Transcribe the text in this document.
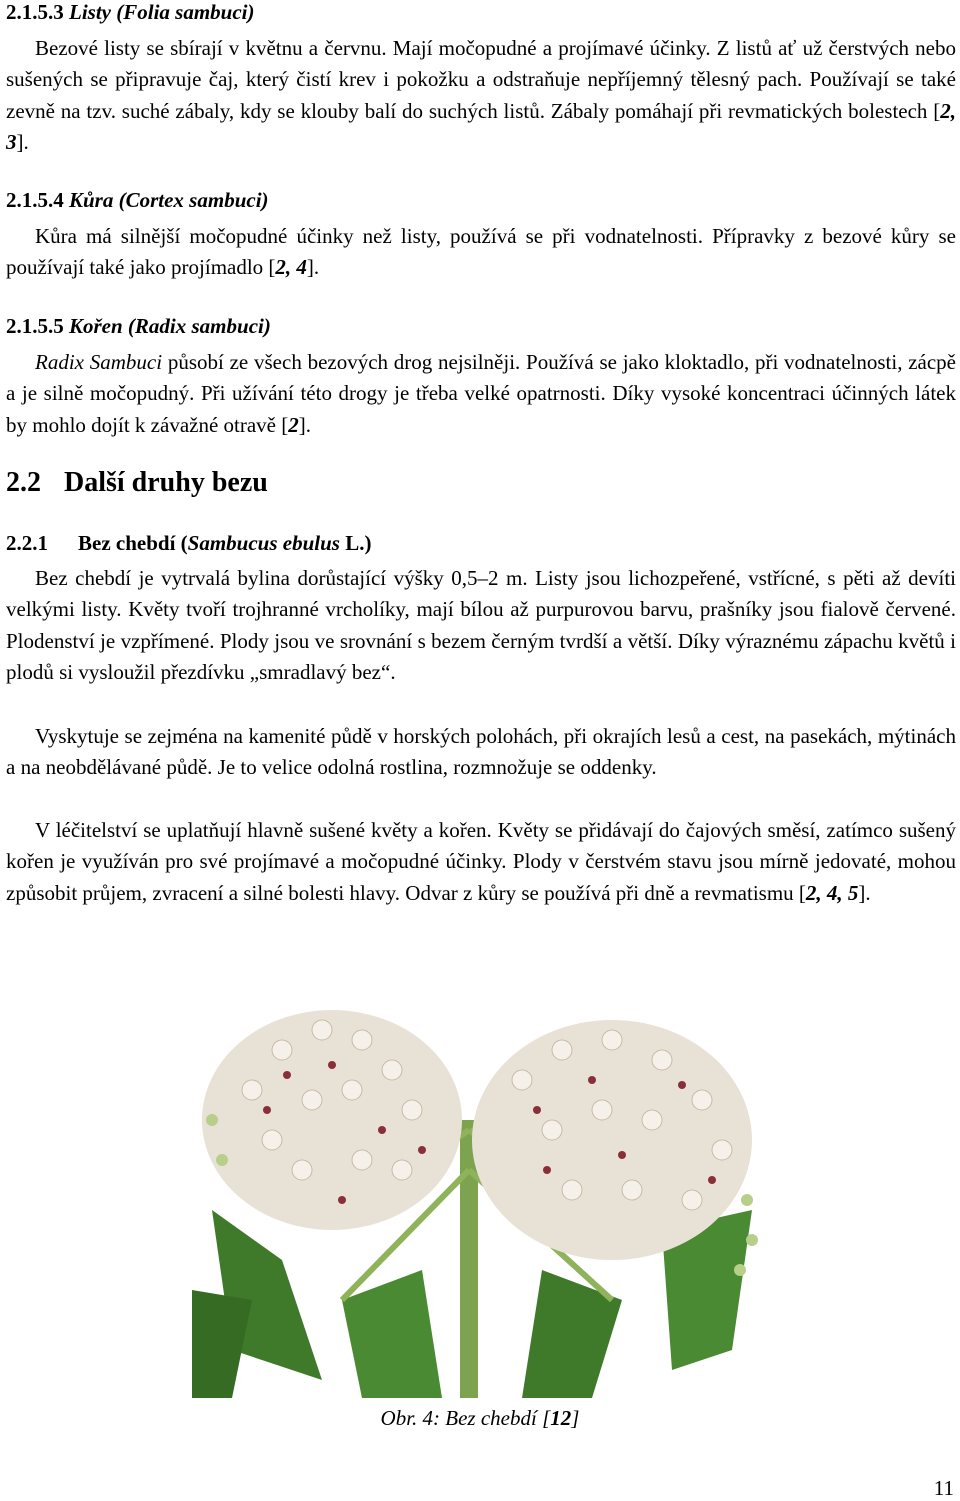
2.1.5.3 Listy (Folia sambuci)

Bezové listy se sbírají v květnu a červnu. Mají močopudné a projímavé účinky. Z listů ať už čerstvých nebo sušených se připravuje čaj, který čistí krev i pokožku a odstraňuje nepříjemný tělesný pach. Používají se také zevně na tzv. suché zábaly, kdy se klouby balí do suchých listů. Zábaly pomáhají při revmatických bolestech [2, 3].

2.1.5.4 Kůra (Cortex sambuci)

Kůra má silnější močopudné účinky než listy, používá se při vodnatelnosti. Přípravky z bezové kůry se používají také jako projímadlo [2, 4].

2.1.5.5 Kořen (Radix sambuci)

Radix Sambuci působí ze všech bezových drog nejsilněji. Používá se jako kloktadlo, při vodnatelnosti, zácpě a je silně močopudný. Při užívání této drogy je třeba velké opatrnosti. Díky vysoké koncentraci účinných látek by mohlo dojít k závažné otravě [2].

2.2 Další druhy bezu
2.2.1 Bez chebdí (Sambucus ebulus L.)

Bez chebdí je vytrvalá bylina dorůstající výšky 0,5–2 m. Listy jsou lichozpeřené, vstřícné, s pěti až devíti velkými listy. Květy tvoří trojhranné vrcholíky, mají bílou až purpurovou barvu, prašníky jsou fialově červené. Plodenství je vzpřímené. Plody jsou ve srovnání s bezem černým tvrdší a větší. Díky výraznému zápachu květů i plodů si vysloužil přezdívku „smradlavý bez“.

Vyskytuje se zejména na kamenité půdě v horských polohách, při okrajích lesů a cest, na pasekách, mýtinách a na neobdělávané půdě. Je to velice odolná rostlina, rozmnožuje se oddenky.

V léčitelství se uplatňují hlavně sušené květy a kořen. Květy se přidávají do čajových směsí, zatímco sušený kořen je využíván pro své projímavé a močopudné účinky. Plody v čerstvém stavu jsou mírně jedovaté, mohou způsobit průjem, zvracení a silné bolesti hlavy. Odvar z kůry se používá při dně a revmatismu [2, 4, 5].

Obr. 4: Bez chebdí [12]
11
